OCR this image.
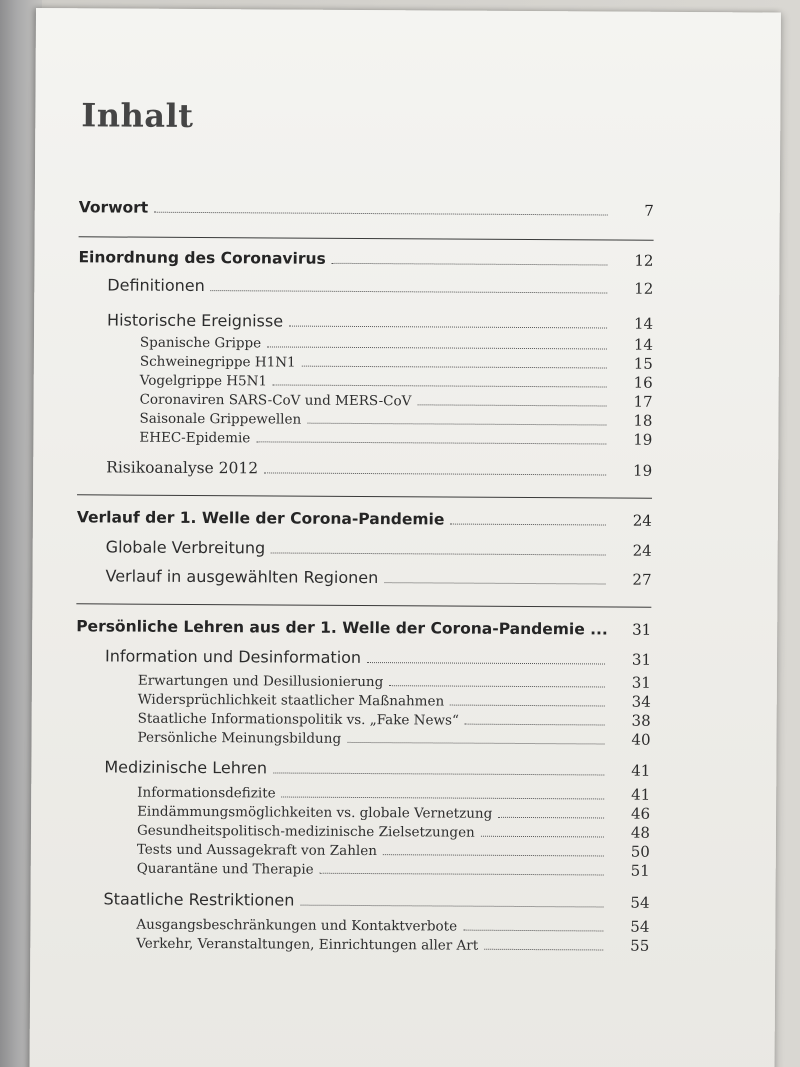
Inhalt
Vorwort	7
Einordnung des Coronavirus	12
Definitionen	12
Historische Ereignisse	14
Spanische Grippe	14
Schweinegrippe H1N1	15
Vogelgrippe H5N1	16
Coronaviren SARS-CoV und MERS-CoV	17
Saisonale Grippewellen	18
EHEC-Epidemie	19
Risikoanalyse 2012	19
Verlauf der 1. Welle der Corona-Pandemie	24
Globale Verbreitung	24
Verlauf in ausgewählten Regionen	27
Persönliche Lehren aus der 1. Welle der Corona-Pandemie ...	31
Information und Desinformation	31
Erwartungen und Desillusionierung	31
Widersprüchlichkeit staatlicher Maßnahmen	34
Staatliche Informationspolitik vs. „Fake News“	38
Persönliche Meinungsbildung	40
Medizinische Lehren	41
Informationsdefizite	41
Eindämmungsmöglichkeiten vs. globale Vernetzung	46
Gesundheitspolitisch-medizinische Zielsetzungen	48
Tests und Aussagekraft von Zahlen	50
Quarantäne und Therapie	51
Staatliche Restriktionen	54
Ausgangsbeschränkungen und Kontaktverbote	54
Verkehr, Veranstaltungen, Einrichtungen aller Art	55
